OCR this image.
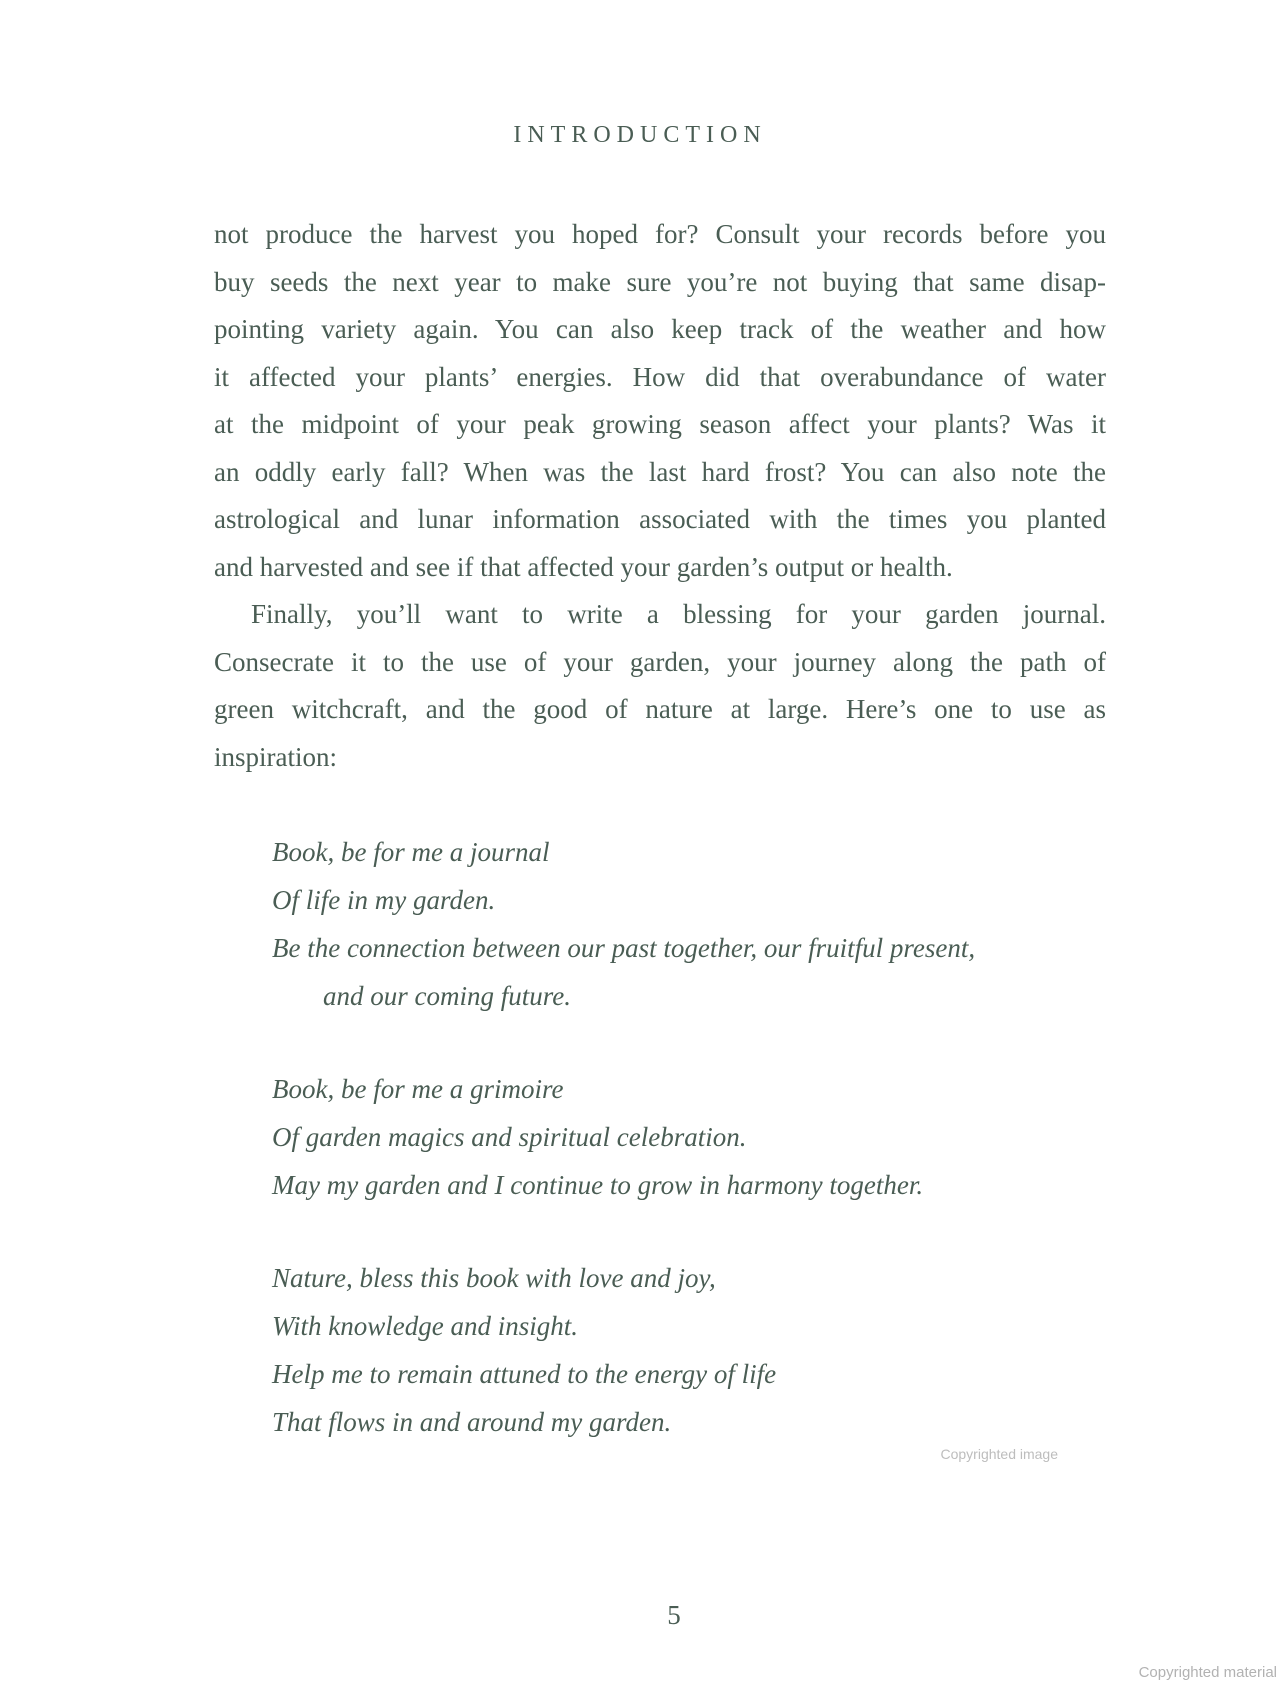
INTRODUCTION
not produce the harvest you hoped for? Consult your records before you
buy seeds the next year to make sure you’re not buying that same disap-
pointing variety again. You can also keep track of the weather and how
it affected your plants’ energies. How did that overabundance of water
at the midpoint of your peak growing season affect your plants? Was it
an oddly early fall? When was the last hard frost? You can also note the
astrological and lunar information associated with the times you planted
and harvested and see if that affected your garden’s output or health.
Finally, you’ll want to write a blessing for your garden journal.
Consecrate it to the use of your garden, your journey along the path of
green witchcraft, and the good of nature at large. Here’s one to use as
inspiration:
Book, be for me a journal
Of life in my garden.
Be the connection between our past together, our fruitful present,
and our coming future.
Book, be for me a grimoire
Of garden magics and spiritual celebration.
May my garden and I continue to grow in harmony together.
Nature, bless this book with love and joy,
With knowledge and insight.
Help me to remain attuned to the energy of life
That flows in and around my garden.
5
Copyrighted image
Copyrighted material
